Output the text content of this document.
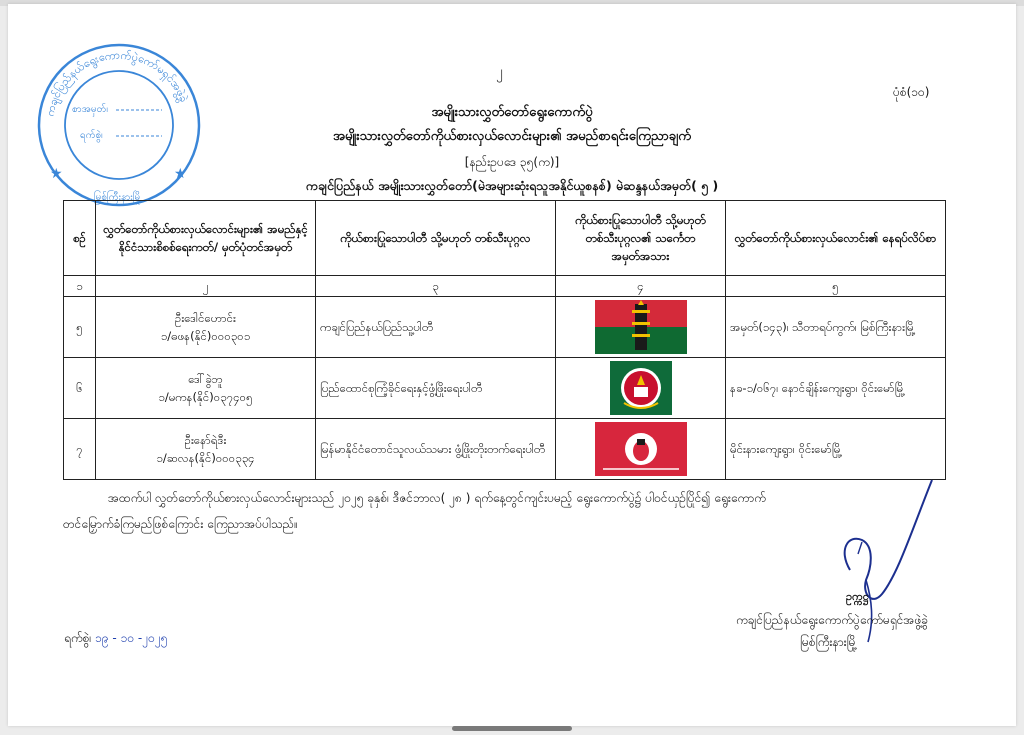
ကချင်ပြည်နယ်ရွေးကောက်ပွဲကော်မရှင်အဖွဲ့ခွဲ
စာအမှတ်၊
ရက်စွဲ၊
မြစ်ကြီးနားမြို့
★	★
၂
ပုံစံ(၁၀)
အမျိုးသားလွှတ်တော်ရွေးကောက်ပွဲ
အမျိုးသားလွှတ်တော်ကိုယ်စားလှယ်လောင်းများ၏ အမည်စာရင်းကြေညာချက်
[နည်းဥပဒေ ၃၅(က)]
ကချင်ပြည်နယ် အမျိုးသားလွှတ်တော်(မဲအများဆုံးရသူအနိုင်ယူစနစ်) မဲဆန္ဒနယ်အမှတ်( ၅ )
စဉ်	လွှတ်တော်ကိုယ်စားလှယ်လောင်းများ၏ အမည်နှင့် နိုင်ငံသားစိစစ်ရေးကတ်/ မှတ်ပုံတင်အမှတ်	ကိုယ်စားပြုသောပါတီ သို့မဟုတ် တစ်သီးပုဂ္ဂလ	ကိုယ်စားပြုသောပါတီ သို့မဟုတ် တစ်သီးပုဂ္ဂလ၏ သင်္ကေတအမှတ်အသား	လွှတ်တော်ကိုယ်စားလှယ်လောင်း၏ နေရပ်လိပ်စာ
၁	၂	၃	၄	၅
၅	ဦးဒေါင်ဟောင်း
၁/ဓဖန(နိုင်)၀၀၀၃၀၁	ကချင်ပြည်နယ်ပြည်သူ့ပါတီ		အမှတ်(၁၄၃)၊ သီတာရပ်ကွက်၊ မြစ်ကြီးနားမြို့
၆	ဒေါ်ခွဲဘူ
၁/မကန(နိုင်)၀၃၇၄၀၅	ပြည်ထောင်စုကြံ့ခိုင်ရေးနှင့်ဖွံ့ဖြိုးရေးပါတီ		နခ-၁/၀၆၇၊ နောင်ချိန်းကျေးရွာ၊ ဝိုင်းမော်မြို့
၇	ဦးနော်ရဲဒီး
၁/ဆလန(နိုင်)၀၀၀၃၃၄	မြန်မာနိုင်ငံတောင်သူလယ်သမား ဖွံ့ဖြိုးတိုးတက်ရေးပါတီ		မိုင်းနားကျေးရွာ၊ ဝိုင်းမော်မြို့
အထက်ပါ လွှတ်တော်ကိုယ်စားလှယ်လောင်းများသည် ၂၀၂၅ ခုနှစ်၊ ဒီဇင်ဘာလ( ၂၈ ) ရက်နေ့တွင်ကျင်းပမည့် ရွေးကောက်ပွဲ၌ ပါဝင်ယှဉ်ပြိုင်၍ ရွေးကောက်
တင်မြှောက်ခံကြမည်ဖြစ်ကြောင်း ကြေညာအပ်ပါသည်။
ဥက္ကဋ္ဌ
ကချင်ပြည်နယ်ရွေးကောက်ပွဲကော်မရှင်အဖွဲ့ခွဲ
မြစ်ကြီးနားမြို့
ရက်စွဲ၊ ၁၉ - ၁၀ -၂၀၂၅
